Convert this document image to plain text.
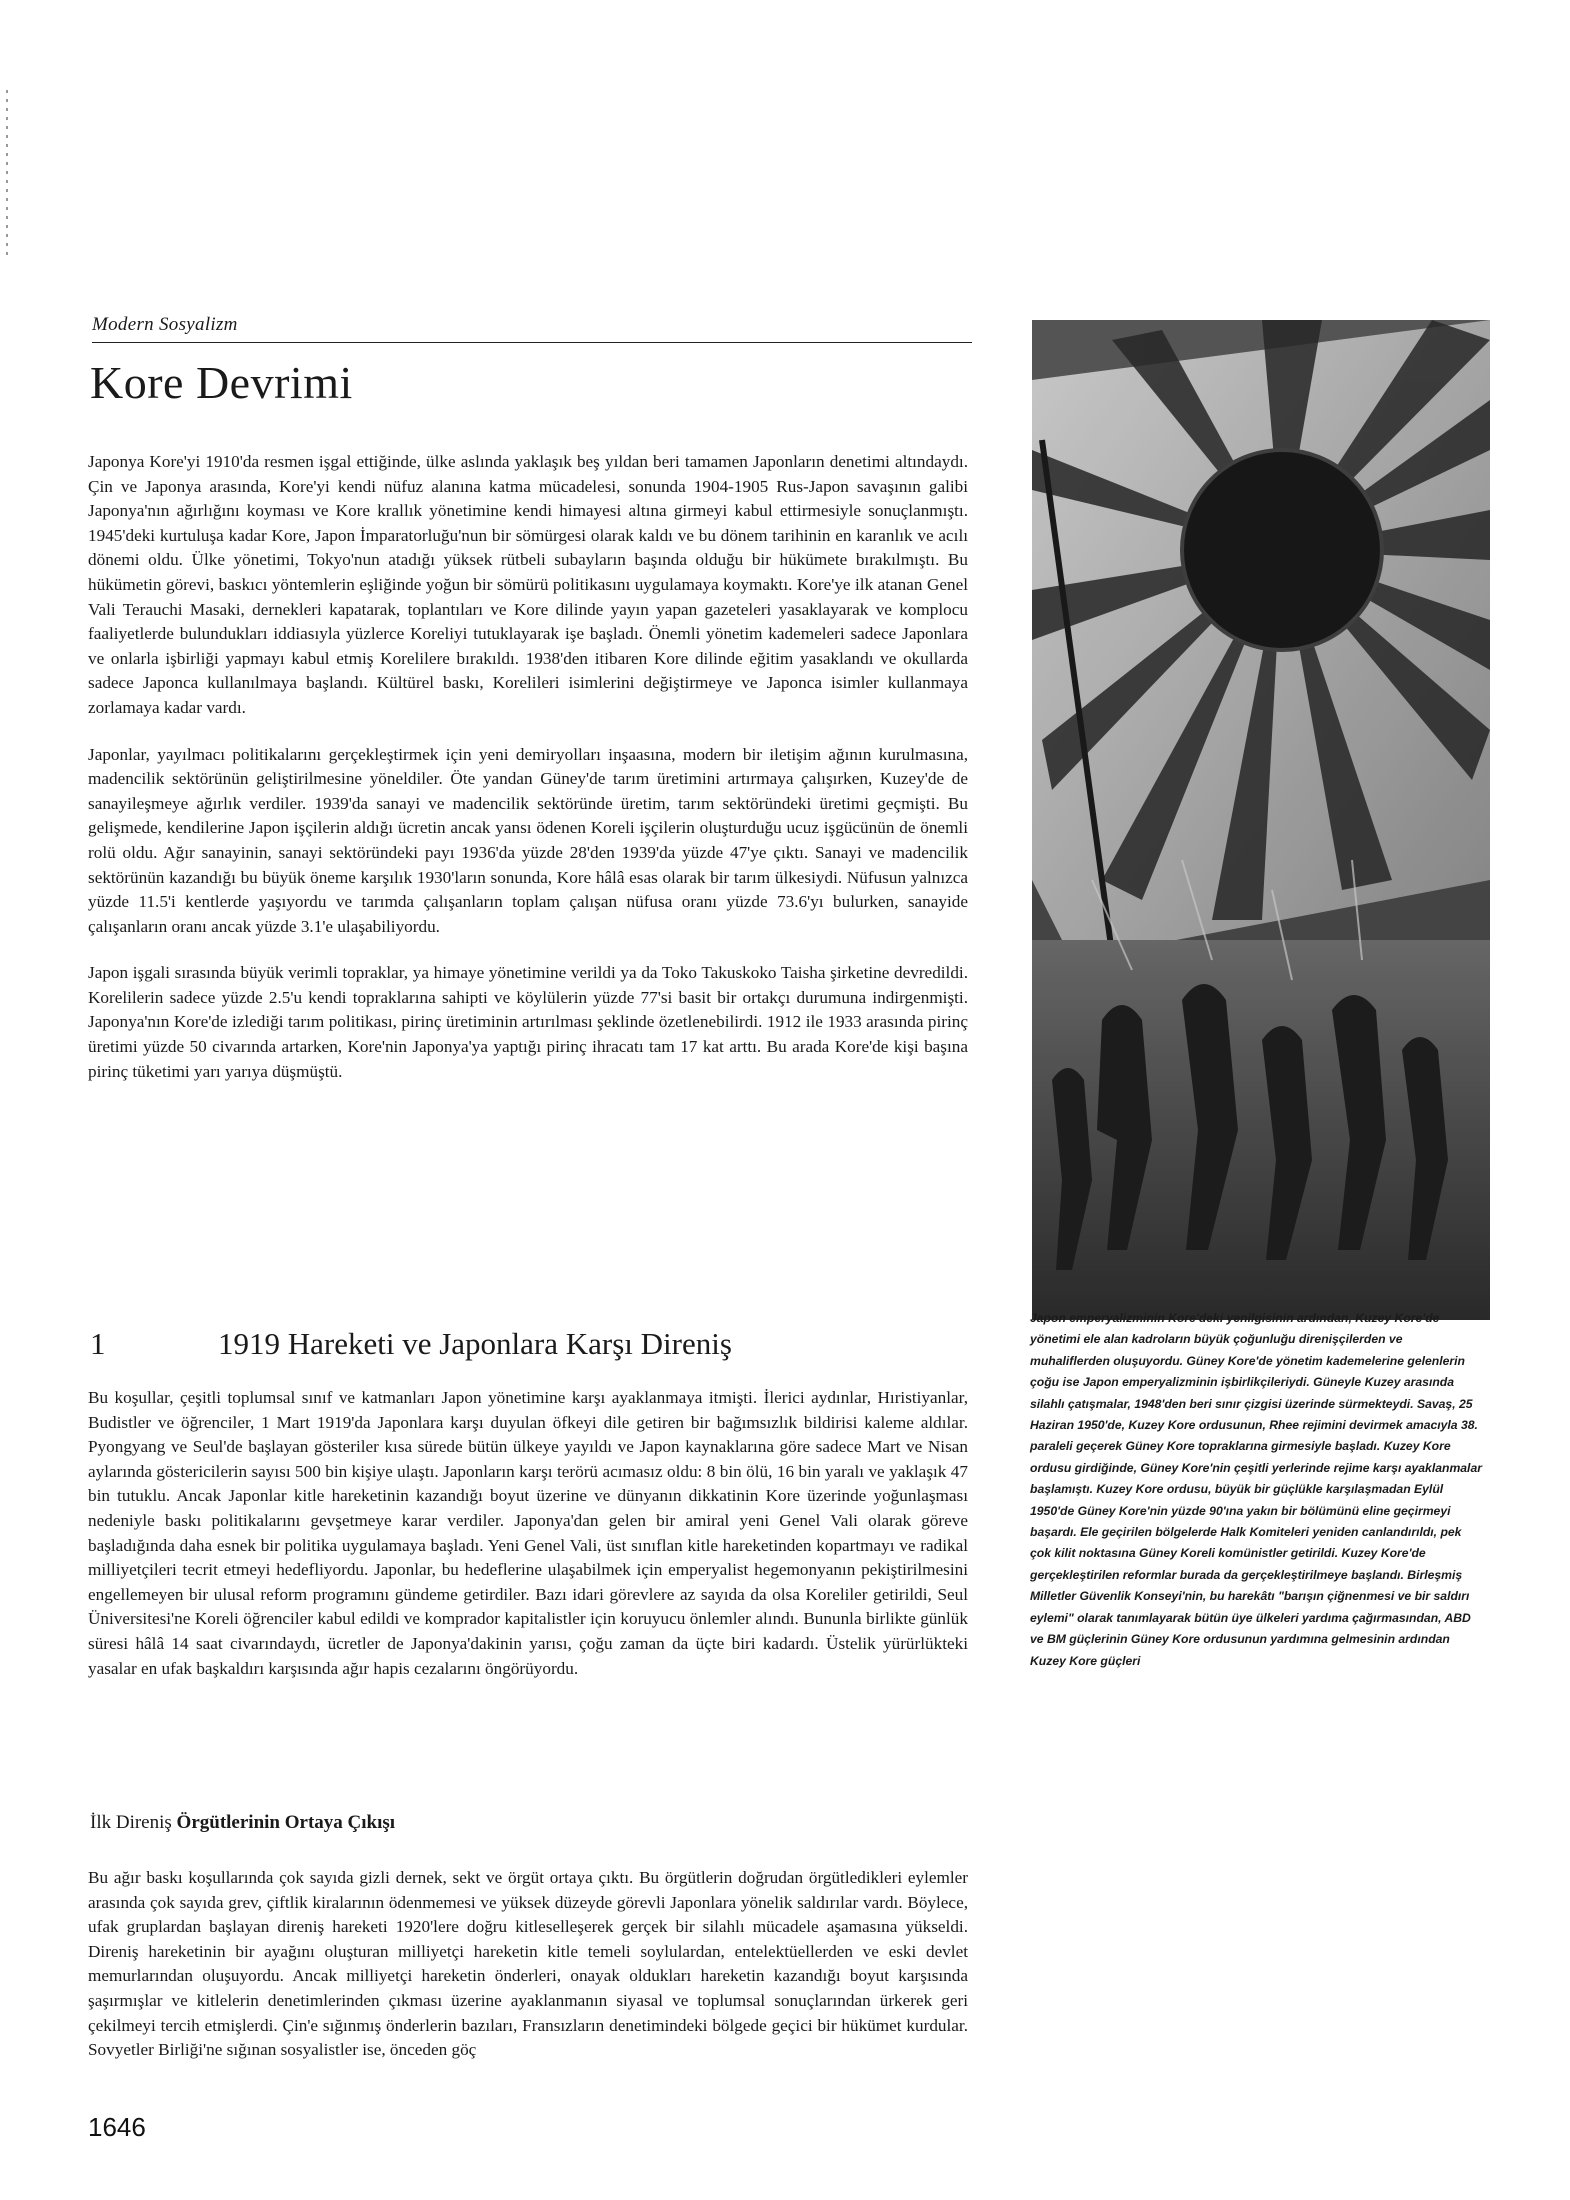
Modern Sosyalizm
Kore Devrimi

Japonya Kore'yi 1910'da resmen işgal ettiğinde, ülke aslında yaklaşık beş yıldan beri tamamen Japonların denetimi altındaydı. Çin ve Japonya arasında, Kore'yi kendi nüfuz alanına katma mücadelesi, sonunda 1904-1905 Rus-Japon savaşının galibi Japonya'nın ağırlığını koyması ve Kore krallık yönetimine kendi himayesi altına girmeyi kabul ettirmesiyle sonuçlanmıştı. 1945'deki kurtuluşa kadar Kore, Japon İmparatorluğu'nun bir sömürgesi olarak kaldı ve bu dönem tarihinin en karanlık ve acılı dönemi oldu. Ülke yönetimi, Tokyo'nun atadığı yüksek rütbeli subayların başında olduğu bir hükümete bırakılmıştı. Bu hükümetin görevi, baskıcı yöntemlerin eşliğinde yoğun bir sömürü politikasını uygulamaya koymaktı. Kore'ye ilk atanan Genel Vali Terauchi Masaki, dernekleri kapatarak, toplantıları ve Kore dilinde yayın yapan gazeteleri yasaklayarak ve komplocu faaliyetlerde bulundukları iddiasıyla yüzlerce Koreliyi tutuklayarak işe başladı. Önemli yönetim kademeleri sadece Japonlara ve onlarla işbirliği yapmayı kabul etmiş Korelilere bırakıldı. 1938'den itibaren Kore dilinde eğitim yasaklandı ve okullarda sadece Japonca kullanılmaya başlandı. Kültürel baskı, Korelileri isimlerini değiştirmeye ve Japonca isimler kullanmaya zorlamaya kadar vardı.

Japonlar, yayılmacı politikalarını gerçekleştirmek için yeni demiryolları inşaasına, modern bir iletişim ağının kurulmasına, madencilik sektörünün geliştirilmesine yöneldiler. Öte yandan Güney'de tarım üretimini artırmaya çalışırken, Kuzey'de de sanayileşmeye ağırlık verdiler. 1939'da sanayi ve madencilik sektöründe üretim, tarım sektöründeki üretimi geçmişti. Bu gelişmede, kendilerine Japon işçilerin aldığı ücretin ancak yansı ödenen Koreli işçilerin oluşturduğu ucuz işgücünün de önemli rolü oldu. Ağır sanayinin, sanayi sektöründeki payı 1936'da yüzde 28'den 1939'da yüzde 47'ye çıktı. Sanayi ve madencilik sektörünün kazandığı bu büyük öneme karşılık 1930'ların sonunda, Kore hâlâ esas olarak bir tarım ülkesiydi. Nüfusun yalnızca yüzde 11.5'i kentlerde yaşıyordu ve tarımda çalışanların toplam çalışan nüfusa oranı yüzde 73.6'yı bulurken, sanayide çalışanların oranı ancak yüzde 3.1'e ulaşabiliyordu.

Japon işgali sırasında büyük verimli topraklar, ya himaye yönetimine verildi ya da Toko Takuskoko Taisha şirketine devredildi. Korelilerin sadece yüzde 2.5'u kendi topraklarına sahipti ve köylülerin yüzde 77'si basit bir ortakçı durumuna indirgenmişti. Japonya'nın Kore'de izlediği tarım politikası, pirinç üretiminin artırılması şeklinde özetlenebilirdi. 1912 ile 1933 arasında pirinç üretimi yüzde 50 civarında artarken, Kore'nin Japonya'ya yaptığı pirinç ihracatı tam 17 kat arttı. Bu arada Kore'de kişi başına pirinç tüketimi yarı yarıya düşmüştü.

1	1919 Hareketi ve Japonlara Karşı Direniş

Bu koşullar, çeşitli toplumsal sınıf ve katmanları Japon yönetimine karşı ayaklanmaya itmişti. İlerici aydınlar, Hıristiyanlar, Budistler ve öğrenciler, 1 Mart 1919'da Japonlara karşı duyulan öfkeyi dile getiren bir bağımsızlık bildirisi kaleme aldılar. Pyongyang ve Seul'de başlayan gösteriler kısa sürede bütün ülkeye yayıldı ve Japon kaynaklarına göre sadece Mart ve Nisan aylarında göstericilerin sayısı 500 bin kişiye ulaştı. Japonların karşı terörü acımasız oldu: 8 bin ölü, 16 bin yaralı ve yaklaşık 47 bin tutuklu. Ancak Japonlar kitle hareketinin kazandığı boyut üzerine ve dünyanın dikkatinin Kore üzerinde yoğunlaşması nedeniyle baskı politikalarını gevşetmeye karar verdiler. Japonya'dan gelen bir amiral yeni Genel Vali olarak göreve başladığında daha esnek bir politika uygulamaya başladı. Yeni Genel Vali, üst sınıflan kitle hareketinden kopartmayı ve radikal milliyetçileri tecrit etmeyi hedefliyordu. Japonlar, bu hedeflerine ulaşabilmek için emperyalist hegemonyanın pekiştirilmesini engellemeyen bir ulusal reform programını gündeme getirdiler. Bazı idari görevlere az sayıda da olsa Koreliler getirildi, Seul Üniversitesi'ne Koreli öğrenciler kabul edildi ve komprador kapitalistler için koruyucu önlemler alındı. Bununla birlikte günlük süresi hâlâ 14 saat civarındaydı, ücretler de Japonya'dakinin yarısı, çoğu zaman da üçte biri kadardı. Üstelik yürürlükteki yasalar en ufak başkaldırı karşısında ağır hapis cezalarını öngörüyordu.

İlk Direniş Örgütlerinin Ortaya Çıkışı

Bu ağır baskı koşullarında çok sayıda gizli dernek, sekt ve örgüt ortaya çıktı. Bu örgütlerin doğrudan örgütledikleri eylemler arasında çok sayıda grev, çiftlik kiralarının ödenmemesi ve yüksek düzeyde görevli Japonlara yönelik saldırılar vardı. Böylece, ufak gruplardan başlayan direniş hareketi 1920'lere doğru kitleselleşerek gerçek bir silahlı mücadele aşamasına yükseldi. Direniş hareketinin bir ayağını oluşturan milliyetçi hareketin kitle temeli soylulardan, entelektüellerden ve eski devlet memurlarından oluşuyordu. Ancak milliyetçi hareketin önderleri, onayak oldukları hareketin kazandığı boyut karşısında şaşırmışlar ve kitlelerin denetimlerinden çıkması üzerine ayaklanmanın siyasal ve toplumsal sonuçlarından ürkerek geri çekilmeyi tercih etmişlerdi. Çin'e sığınmış önderlerin bazıları, Fransızların denetimindeki bölgede geçici bir hükümet kurdular. Sovyetler Birliği'ne sığınan sosyalistler ise, önceden göç

Japon emperyalizminin Kore'deki yenilgisinin ardından, Kuzey Kore'de yönetimi ele alan kadroların büyük çoğunluğu direnişçilerden ve muhaliflerden oluşuyordu. Güney Kore'de yönetim kademelerine gelenlerin çoğu ise Japon emperyalizminin işbirlikçileriydi. Güneyle Kuzey arasında silahlı çatışmalar, 1948'den beri sınır çizgisi üzerinde sürmekteydi. Savaş, 25 Haziran 1950'de, Kuzey Kore ordusunun, Rhee rejimini devirmek amacıyla 38. paraleli geçerek Güney Kore topraklarına girmesiyle başladı. Kuzey Kore ordusu girdiğinde, Güney Kore'nin çeşitli yerlerinde rejime karşı ayaklanmalar başlamıştı. Kuzey Kore ordusu, büyük bir güçlükle karşılaşmadan Eylül 1950'de Güney Kore'nin yüzde 90'ına yakın bir bölümünü eline geçirmeyi başardı. Ele geçirilen bölgelerde Halk Komiteleri yeniden canlandırıldı, pek çok kilit noktasına Güney Koreli komünistler getirildi. Kuzey Kore'de gerçekleştirilen reformlar burada da gerçekleştirilmeye başlandı. Birleşmiş Milletler Güvenlik Konseyi'nin, bu harekâtı "barışın çiğnenmesi ve bir saldırı eylemi" olarak tanımlayarak bütün üye ülkeleri yardıma çağırmasından, ABD ve BM güçlerinin Güney Kore ordusunun yardımına gelmesinin ardından Kuzey Kore güçleri

1646
